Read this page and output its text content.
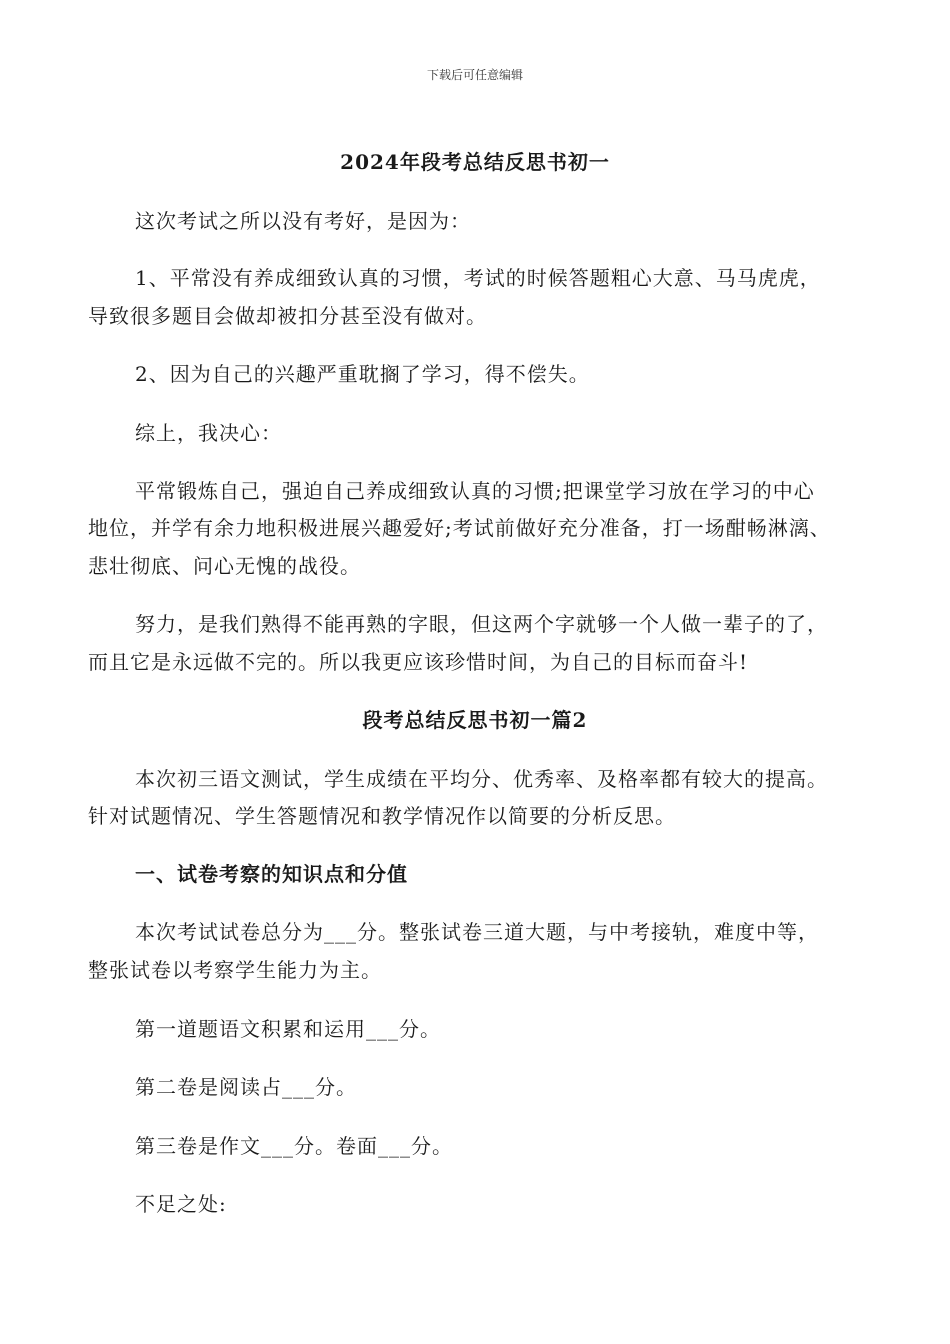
下载后可任意编辑
2024年段考总结反思书初一
这次考试之所以没有考好，是因为：
1、平常没有养成细致认真的习惯，考试的时候答题粗心大意、马马虎虎，
导致很多题目会做却被扣分甚至没有做对。
2、因为自己的兴趣严重耽搁了学习，得不偿失。
综上，我决心：
平常锻炼自己，强迫自己养成细致认真的习惯;把课堂学习放在学习的中心
地位，并学有余力地积极进展兴趣爱好;考试前做好充分准备，打一场酣畅淋漓、
悲壮彻底、问心无愧的战役。
努力，是我们熟得不能再熟的字眼，但这两个字就够一个人做一辈子的了，
而且它是永远做不完的。所以我更应该珍惜时间，为自己的目标而奋斗!
段考总结反思书初一篇2
本次初三语文测试，学生成绩在平均分、优秀率、及格率都有较大的提高。
针对试题情况、学生答题情况和教学情况作以简要的分析反思。
一、试卷考察的知识点和分值
本次考试试卷总分为___分。整张试卷三道大题，与中考接轨，难度中等，
整张试卷以考察学生能力为主。
第一道题语文积累和运用___分。
第二卷是阅读占___分。
第三卷是作文___分。卷面___分。
不足之处:
